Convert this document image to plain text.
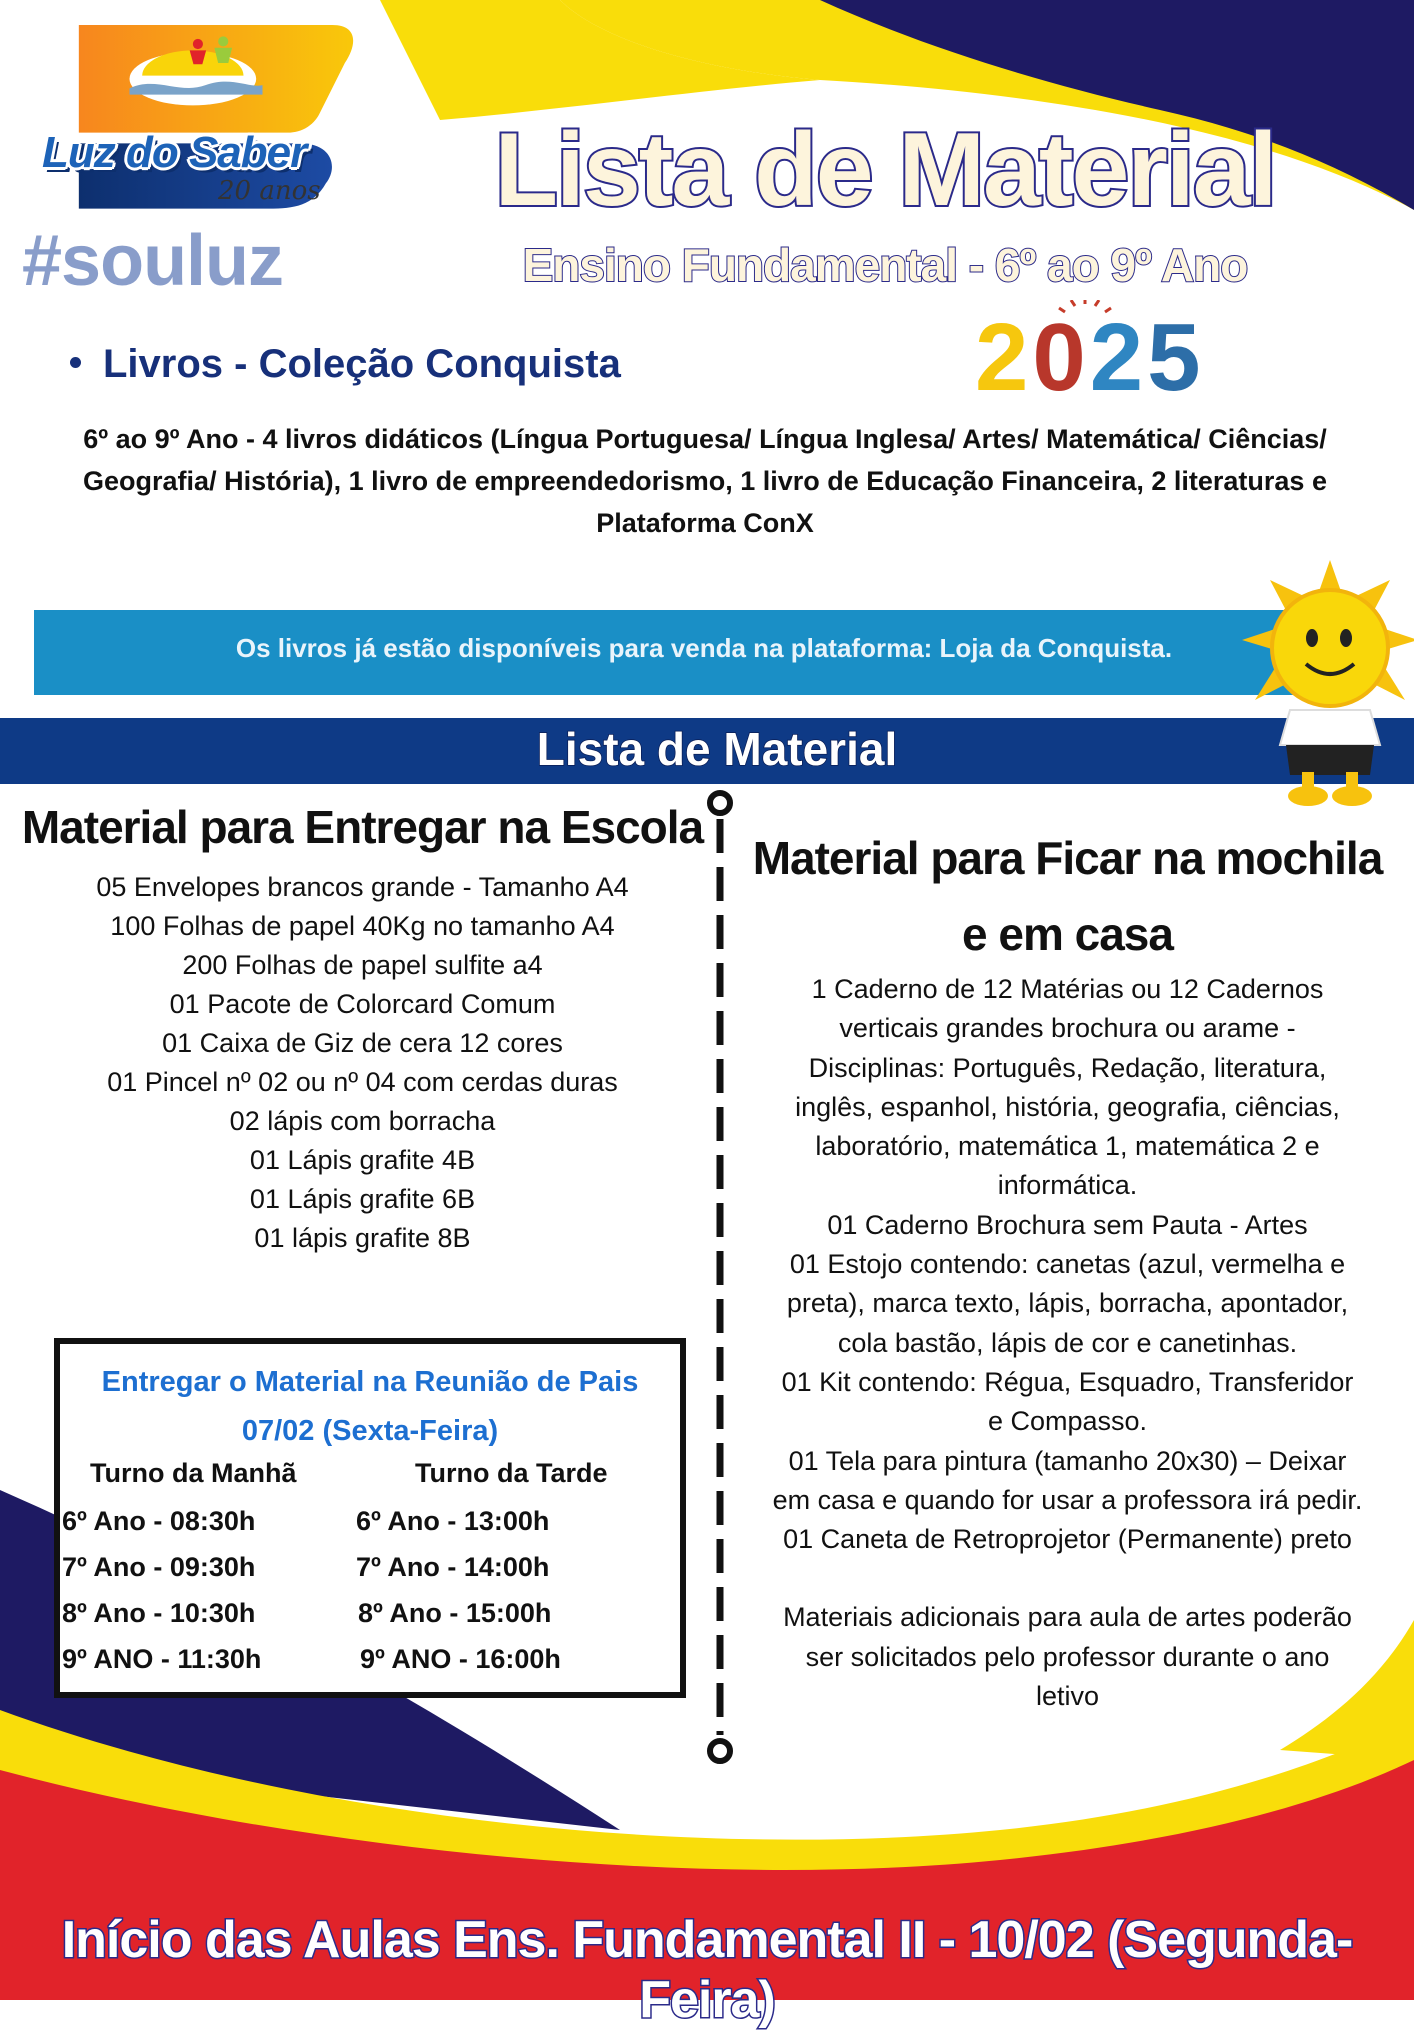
Luz do Saber
20 anos
#souluz
Lista de Material
Ensino Fundamental - 6º ao 9º Ano
2025
Livros - Coleção Conquista
6º ao 9º Ano - 4 livros didáticos (Língua Portuguesa/ Língua Inglesa/ Artes/ Matemática/ Ciências/ Geografia/ História), 1 livro de empreendedorismo, 1 livro de Educação Financeira, 2 literaturas e Plataforma ConX
Os livros já estão disponíveis para venda na plataforma: Loja da Conquista.
Lista de Material
Material para Entregar na Escola
05 Envelopes brancos grande - Tamanho A4
100 Folhas de papel 40Kg no tamanho A4
200 Folhas de papel sulfite a4
01 Pacote de Colorcard Comum
01 Caixa de Giz de cera 12 cores
01 Pincel nº 02 ou nº 04 com cerdas duras
02 lápis com borracha
01 Lápis grafite 4B
01 Lápis grafite 6B
01 lápis grafite 8B
Entregar o Material na Reunião de Pais
07/02 (Sexta-Feira)
Turno da Manhã	Turno da Tarde
6º Ano - 08:30h
7º Ano - 09:30h
8º Ano - 10:30h
9º ANO - 11:30h
6º Ano - 13:00h
7º Ano - 14:00h
8º Ano - 15:00h
9º ANO - 16:00h
Material para Ficar na mochila e em casa
1 Caderno de 12 Matérias ou 12 Cadernos
verticais grandes brochura ou arame -
Disciplinas: Português, Redação, literatura,
inglês, espanhol, história, geografia, ciências,
laboratório, matemática 1, matemática 2 e
informática.
01 Caderno Brochura sem Pauta - Artes
01 Estojo contendo: canetas (azul, vermelha e
preta), marca texto, lápis, borracha, apontador,
cola bastão, lápis de cor e canetinhas.
01 Kit contendo: Régua, Esquadro, Transferidor
e Compasso.
01 Tela para pintura (tamanho 20x30) – Deixar
em casa e quando for usar a professora irá pedir.
01 Caneta de Retroprojetor (Permanente) preto
Materiais adicionais para aula de artes poderão
ser solicitados pelo professor durante o ano
letivo
Início das Aulas Ens. Fundamental II - 10/02 (Segunda-Feira)
